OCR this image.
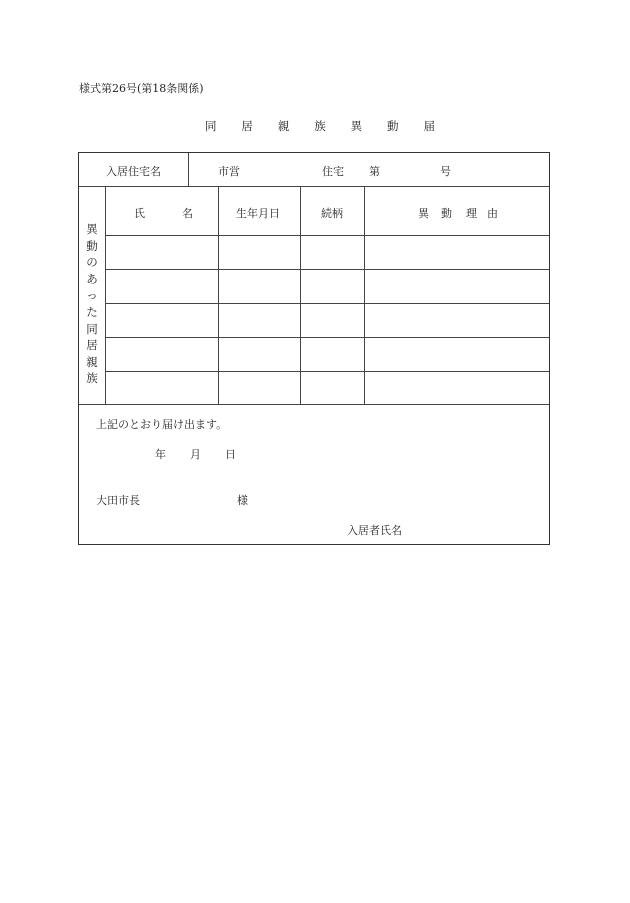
様式第26号(第18条関係)
同 居 親 族 異 動 届
入居住宅名	市営	住宅 第	号
異
動
の
あ
っ
た
同
居
親
族
氏	名	生年月日	続柄	異 動 理 由
上記のとおり届け出ます。
年 月 日
大田市長	様
入居者氏名
